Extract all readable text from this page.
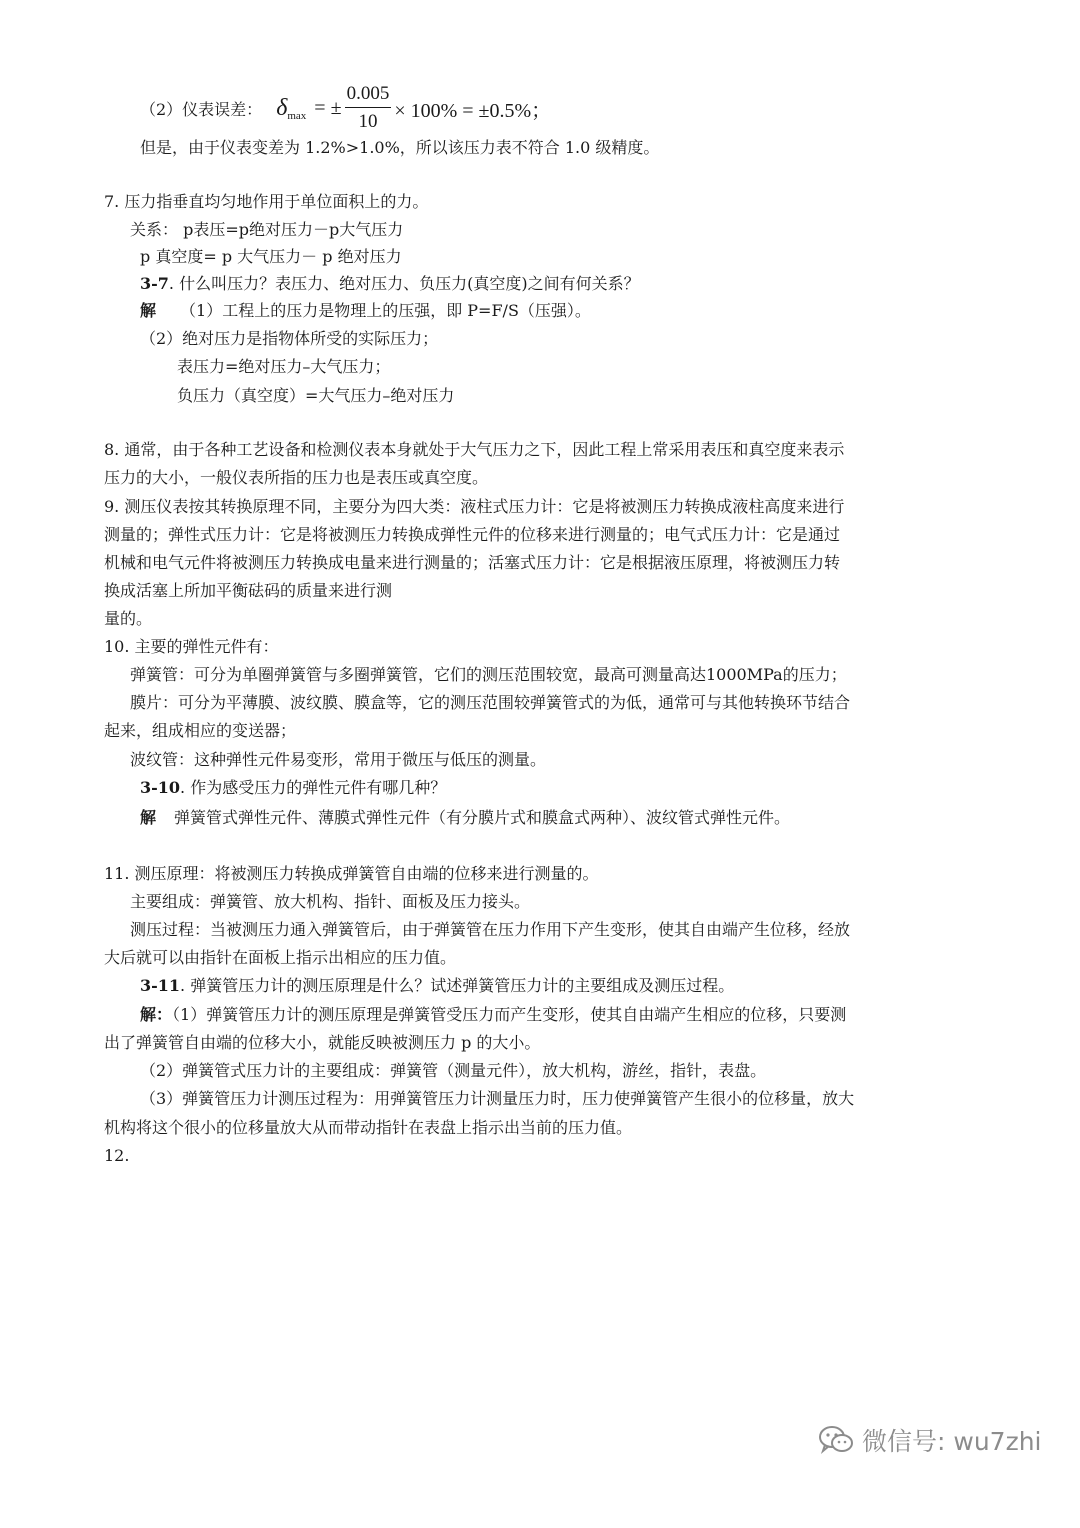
（2）仪表误差： δ max = ± $\frac{0.005}{10} \times 100\% = \pm 0.5\%$；
但是，由于仪表变差为 1.2%>1.0%，所以该压力表不符合 1.0 级精度。
7. 压力指垂直均匀地作用于单位面积上的力。
关系： p表压=p绝对压力－p大气压力
p 真空度= p 大气压力－ p 绝对压力
3-7. 什么叫压力？表压力、绝对压力、负压力(真空度)之间有何关系？
解 （1）工程上的压力是物理上的压强，即 P=F/S（压强）。
（2）绝对压力是指物体所受的实际压力；
表压力=绝对压力–大气压力；
负压力（真空度）=大气压力–绝对压力
8. 通常，由于各种工艺设备和检测仪表本身就处于大气压力之下，因此工程上常采用表压和真空度来表示
压力的大小，一般仪表所指的压力也是表压或真空度。
9. 测压仪表按其转换原理不同，主要分为四大类：液柱式压力计：它是将被测压力转换成液柱高度来进行
测量的；弹性式压力计：它是将被测压力转换成弹性元件的位移来进行测量的；电气式压力计：它是通过
机械和电气元件将被测压力转换成电量来进行测量的；活塞式压力计：它是根据液压原理，将被测压力转
换成活塞上所加平衡砝码的质量来进行测
量的。
10. 主要的弹性元件有：
弹簧管：可分为单圈弹簧管与多圈弹簧管，它们的测压范围较宽，最高可测量高达1000MPa的压力；
膜片：可分为平薄膜、波纹膜、膜盒等，它的测压范围较弹簧管式的为低，通常可与其他转换环节结合
起来，组成相应的变送器；
波纹管：这种弹性元件易变形，常用于微压与低压的测量。
3-10. 作为感受压力的弹性元件有哪几种？
解 弹簧管式弹性元件、薄膜式弹性元件（有分膜片式和膜盒式两种）、波纹管式弹性元件。
11. 测压原理：将被测压力转换成弹簧管自由端的位移来进行测量的。
主要组成：弹簧管、放大机构、指针、面板及压力接头。
测压过程：当被测压力通入弹簧管后，由于弹簧管在压力作用下产生变形，使其自由端产生位移，经放
大后就可以由指针在面板上指示出相应的压力值。
3-11. 弹簧管压力计的测压原理是什么？试述弹簧管压力计的主要组成及测压过程。
解：（1）弹簧管压力计的测压原理是弹簧管受压力而产生变形，使其自由端产生相应的位移，只要测
出了弹簧管自由端的位移大小，就能反映被测压力 p 的大小。
（2）弹簧管式压力计的主要组成：弹簧管（测量元件），放大机构，游丝，指针，表盘。
（3）弹簧管压力计测压过程为：用弹簧管压力计测量压力时，压力使弹簧管产生很小的位移量，放大
机构将这个很小的位移量放大从而带动指针在表盘上指示出当前的压力值。
12.
微信号: wu7zhi
